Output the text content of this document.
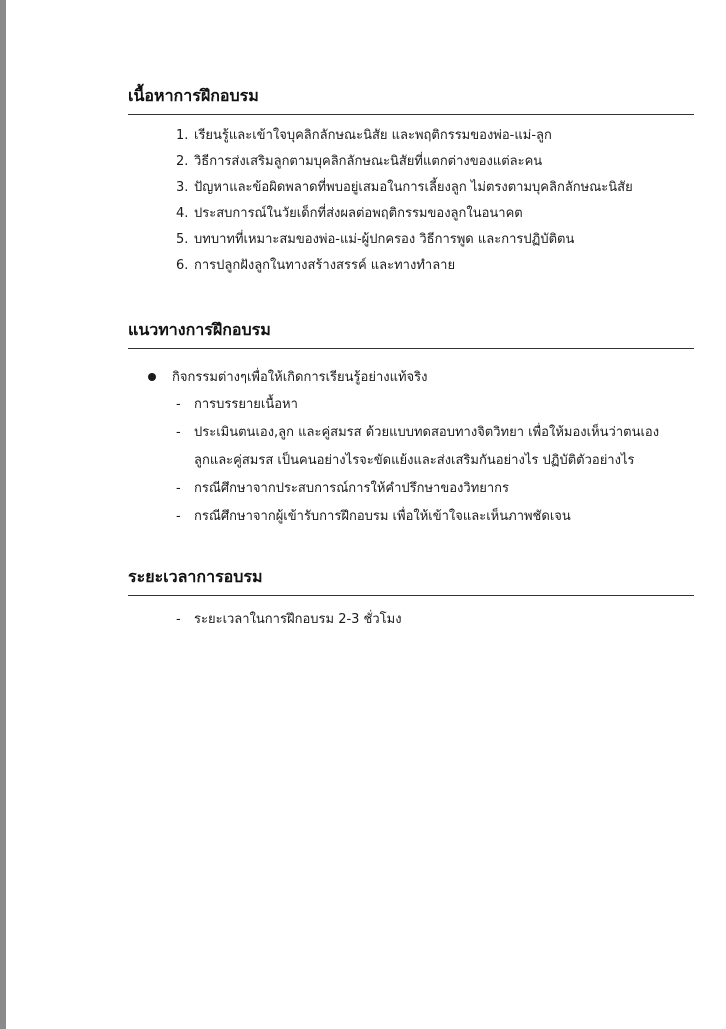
เนื้อหาการฝึกอบรม
1. เรียนรู้และเข้าใจบุคลิกลักษณะนิสัย และพฤติกรรมของพ่อ-แม่-ลูก
2. วิธีการส่งเสริมลูกตามบุคลิกลักษณะนิสัยที่แตกต่างของแต่ละคน
3. ปัญหาและข้อผิดพลาดที่พบอยู่เสมอในการเลี้ยงลูก ไม่ตรงตามบุคลิกลักษณะนิสัย
4. ประสบการณ์ในวัยเด็กที่ส่งผลต่อพฤติกรรมของลูกในอนาคต
5. บทบาทที่เหมาะสมของพ่อ-แม่-ผู้ปกครอง วิธีการพูด และการปฏิบัติตน
6. การปลูกฝังลูกในทางสร้างสรรค์ และทางทำลาย
แนวทางการฝึกอบรม
กิจกรรมต่างๆเพื่อให้เกิดการเรียนรู้อย่างแท้จริง
- การบรรยายเนื้อหา
- ประเมินตนเอง,ลูก และคู่สมรส ด้วยแบบทดสอบทางจิตวิทยา เพื่อให้มองเห็นว่าตนเอง
ลูกและคู่สมรส เป็นคนอย่างไรจะขัดแย้งและส่งเสริมกันอย่างไร ปฏิบัติตัวอย่างไร
- กรณีศึกษาจากประสบการณ์การให้คำปรึกษาของวิทยากร
- กรณีศึกษาจากผู้เข้ารับการฝึกอบรม เพื่อให้เข้าใจและเห็นภาพชัดเจน
ระยะเวลาการอบรม
- ระยะเวลาในการฝึกอบรม 2-3 ชั่วโมง
